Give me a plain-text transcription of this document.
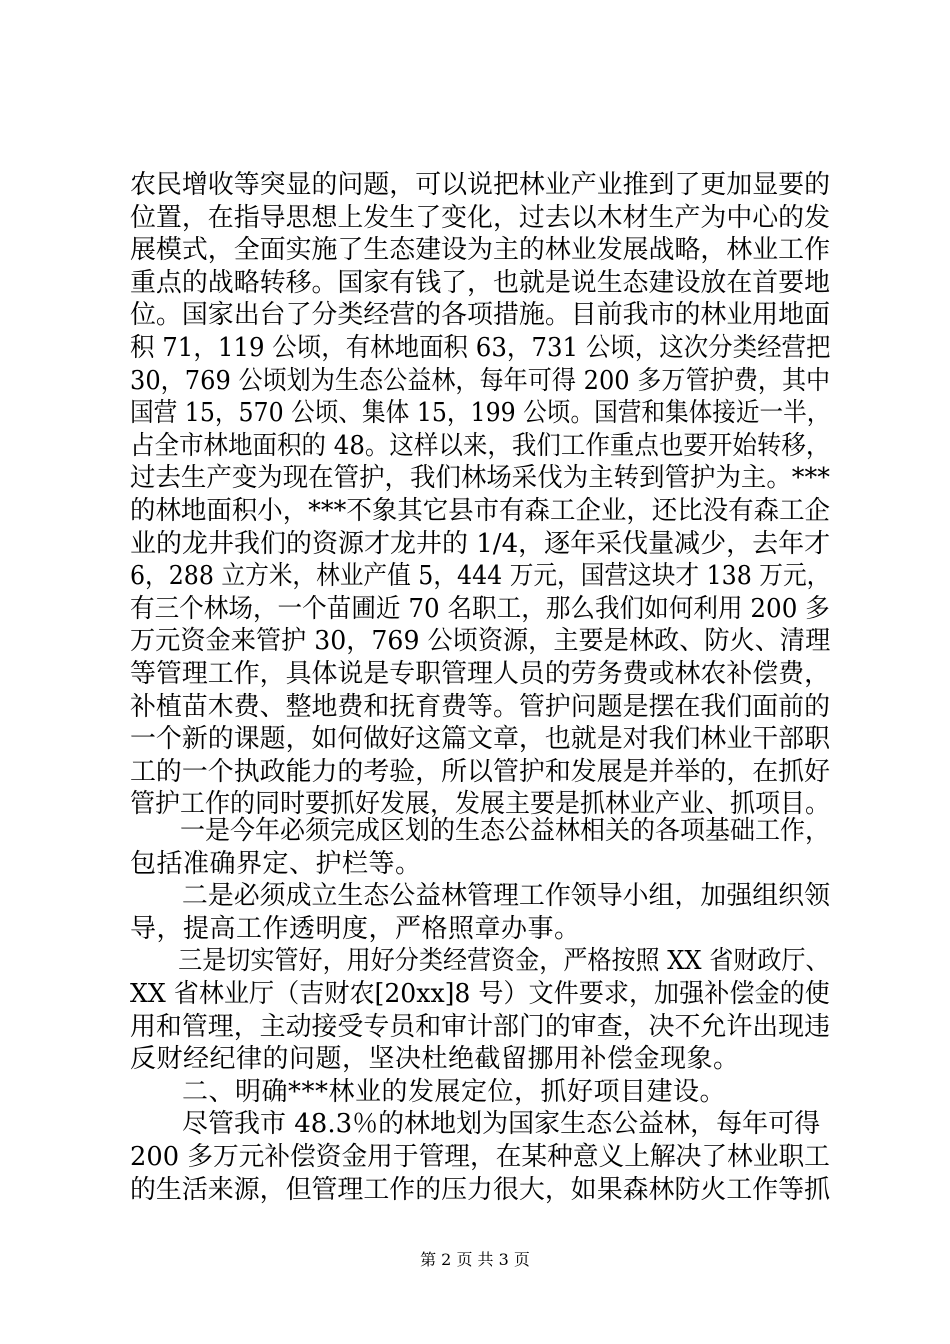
农民增收等突显的问题，可以说把林业产业推到了更加显要的
位置，在指导思想上发生了变化，过去以木材生产为中心的发
展模式，全面实施了生态建设为主的林业发展战略，林业工作
重点的战略转移。国家有钱了，也就是说生态建设放在首要地
位。国家出台了分类经营的各项措施。目前我市的林业用地面
积 71，119 公顷，有林地面积 63，731 公顷，这次分类经营把
30，769 公顷划为生态公益林，每年可得 200 多万管护费，其中
国营 15，570 公顷、集体 15，199 公顷。国营和集体接近一半，
占全市林地面积的 48。这样以来，我们工作重点也要开始转移，
过去生产变为现在管护，我们林场采伐为主转到管护为主。***
的林地面积小，***不象其它县市有森工企业，还比没有森工企
业的龙井我们的资源才龙井的 1/4，逐年采伐量减少，去年才
6，288 立方米，林业产值 5，444 万元，国营这块才 138 万元，
有三个林场，一个苗圃近 70 名职工，那么我们如何利用 200 多
万元资金来管护 30，769 公顷资源，主要是林政、防火、清理
等管理工作，具体说是专职管理人员的劳务费或林农补偿费，
补植苗木费、整地费和抚育费等。管护问题是摆在我们面前的
一个新的课题，如何做好这篇文章，也就是对我们林业干部职
工的一个执政能力的考验，所以管护和发展是并举的，在抓好
管护工作的同时要抓好发展，发展主要是抓林业产业、抓项目。
一是今年必须完成区划的生态公益林相关的各项基础工作，
包括准确界定、护栏等。
二是必须成立生态公益林管理工作领导小组，加强组织领
导，提高工作透明度，严格照章办事。
三是切实管好，用好分类经营资金，严格按照 XX 省财政厅、
XX 省林业厅（吉财农[20xx]8 号）文件要求，加强补偿金的使
用和管理，主动接受专员和审计部门的审查，决不允许出现违
反财经纪律的问题，坚决杜绝截留挪用补偿金现象。
二、明确***林业的发展定位，抓好项目建设。
尽管我市 48.3％的林地划为国家生态公益林，每年可得
200 多万元补偿资金用于管理，在某种意义上解决了林业职工
的生活来源，但管理工作的压力很大，如果森林防火工作等抓
第 2 页 共 3 页
